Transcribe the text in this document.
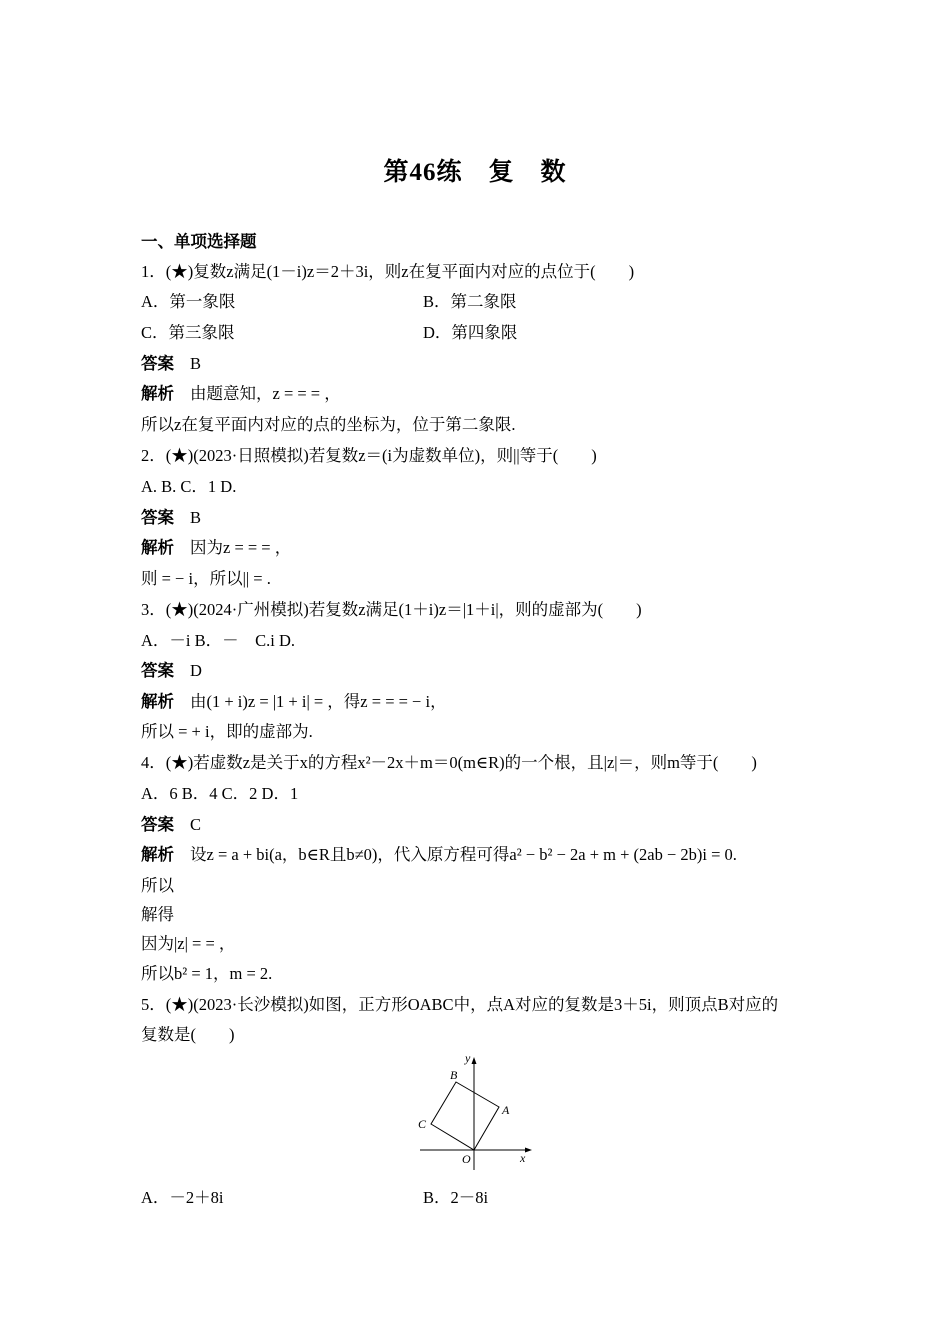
第46练　复　数
一、单项选择题
1．(★)复数z满足(1－i)z＝2＋3i，则z在复平面内对应的点位于(　　)
A．第一象限	B．第二象限
C．第三象限	D．第四象限
答案 B
解析 由题意知，z = = = ，
所以z在复平面内对应的点的坐标为，位于第二象限.
2．(★)(2023·日照模拟)若复数z＝(i为虚数单位)，则||等于(　　)
A. B. C．1 D.
答案 B
解析 因为z = = = ，
则 = − i，所以|| = .
3．(★)(2024·广州模拟)若复数z满足(1＋i)z＝|1＋i|，则的虚部为(　　)
A．－i B．－　C.i D.
答案 D
解析 由(1 + i)z = |1 + i| = ，得z = = = − i，
所以 = + i，即的虚部为.
4．(★)若虚数z是关于x的方程x²－2x＋m＝0(m∈R)的一个根，且|z|＝，则m等于(　　)
A．6 B．4 C．2 D．1
答案 C
解析 设z = a + bi(a，b∈R且b≠0)，代入原方程可得a² − b² − 2a + m + (2ab − 2b)i = 0.
所以
解得
因为|z| = = ，
所以b² = 1，m = 2.
5．(★)(2023·长沙模拟)如图，正方形OABC中，点A对应的复数是3＋5i，则顶点B对应的
复数是(　　)
y
B
A
C
O	x
A．－2＋8i	B．2－8i
